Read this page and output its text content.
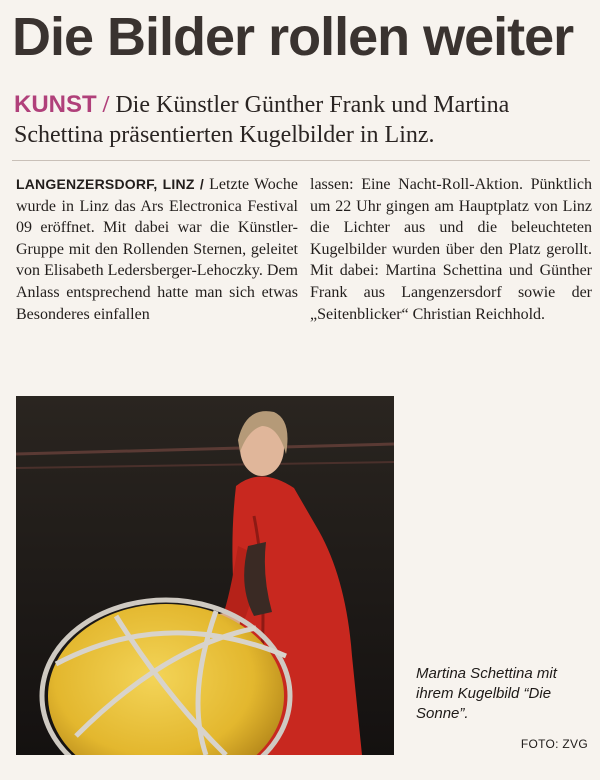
Die Bilder rollen weiter
KUNST / Die Künstler Günther Frank und Martina Schettina präsentierten Kugelbilder in Linz.
LANGENZERSDORF, LINZ / Letzte Woche wurde in Linz das Ars Electronica Festival 09 eröffnet. Mit dabei war die Künstler-Gruppe mit den Rollenden Sternen, geleitet von Elisabeth Ledersberger-Lehoczky. Dem Anlass entsprechend hatte man sich etwas Besonderes einfallen
lassen: Eine Nacht-Roll-Aktion. Pünktlich um 22 Uhr gingen am Hauptplatz von Linz die Lichter aus und die beleuchteten Kugelbilder wurden über den Platz gerollt. Mit dabei: Martina Schettina und Günther Frank aus Langenzersdorf sowie der „Seitenblicker“ Christian Reichhold.
Martina Schettina mit ihrem Kugelbild “Die Sonne”.
FOTO: ZVG
